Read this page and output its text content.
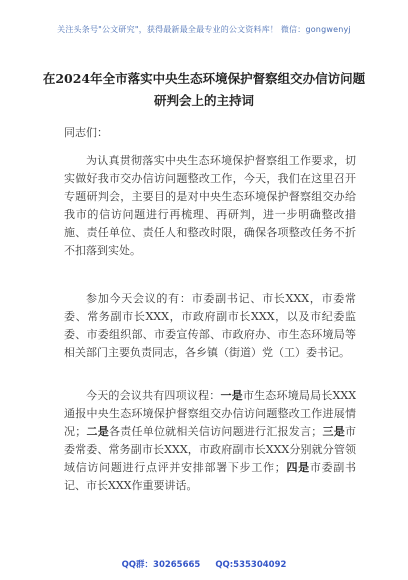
关注头条号"公文研究"，获得最新最全最专业的公文资料库！ 微信：gongwenyj
在2024年全市落实中央生态环境保护督察组交办信访问题
研判会上的主持词
同志们：
为认真贯彻落实中央生态环境保护督察组工作要求，切实做好我市交办信访问题整改工作，今天，我们在这里召开专题研判会，主要目的是对中央生态环境保护督察组交办给我市的信访问题进行再梳理、再研判，进一步明确整改措施、责任单位、责任人和整改时限，确保各项整改任务不折不扣落到实处。
参加今天会议的有：市委副书记、市长XXX，市委常委、常务副市长XXX，市政府副市长XXX，以及市纪委监委、市委组织部、市委宣传部、市政府办、市生态环境局等相关部门主要负责同志，各乡镇（街道）党（工）委书记。
今天的会议共有四项议程：一是市生态环境局局长XXX通报中央生态环境保护督察组交办信访问题整改工作进展情况；二是各责任单位就相关信访问题进行汇报发言；三是市委常委、常务副市长XXX，市政府副市长XXX分别就分管领域信访问题进行点评并安排部署下步工作；四是市委副书记、市长XXX作重要讲话。
QQ群：30265665 QQ:535304092
